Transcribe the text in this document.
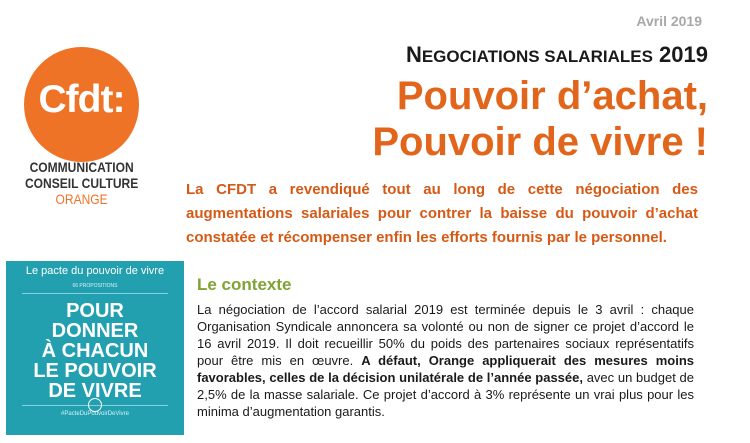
Avril 2019
Cfdt:
COMMUNICATION
CONSEIL CULTURE
ORANGE
NEGOCIATIONS SALARIALES 2019
Pouvoir d’achat,
Pouvoir de vivre !
La CFDT a revendiqué tout au long de cette négociation des augmentations salariales pour contrer la baisse du pouvoir d’achat constatée et récompenser enfin les efforts fournis par le personnel.
Le pacte du pouvoir de vivre
66 PROPOSITIONS
POUR
DONNER
À CHACUN
LE POUVOIR
DE VIVRE
#PacteDuPouvoirDeVivre
Le contexte
La négociation de l’accord salarial 2019 est terminée depuis le 3 avril : chaque Organisation Syndicale annoncera sa volonté ou non de signer ce projet d’accord le 16 avril 2019. Il doit recueillir 50% du poids des partenaires sociaux représentatifs pour être mis en œuvre. A défaut, Orange appliquerait des mesures moins favorables, celles de la décision unilatérale de l’année passée, avec un budget de 2,5% de la masse salariale. Ce projet d’accord à 3% représente un vrai plus pour les minima d’augmentation garantis.
